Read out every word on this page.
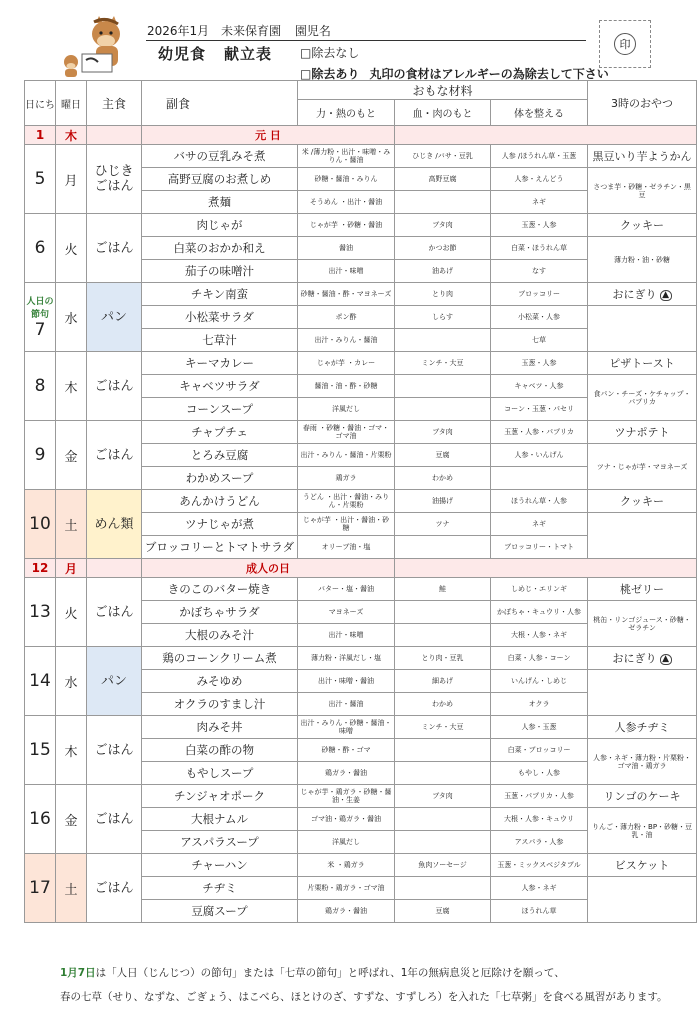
2026年1月 未来保育園 園児名
幼児食 献立表 □除去なし
□除去あり 丸印の食材はアレルギーの為除去して下さい
印
日にち	曜日	主食	副食	おもな材料			3時のおやつ
				力・熱のもと	血・肉のもと	体を整える	
1	木		元 日				

5	月	ひじき ごはん	バサの豆乳みそ煮	米 /薄力粉・出汁・味噌・みりん・醤油	ひじき /バサ・豆乳	人参 /ほうれん草・玉葱	黒豆いり芋ようかん
			高野豆腐のお煮しめ	砂糖・醤油・みりん	高野豆腐	人参・えんどう	さつま芋・砂糖・ゼラチン・黒豆
			煮麺	そうめん ・出汁・醤油		ネギ	

6	火	ごはん	肉じゃが	じゃが芋 ・砂糖・醤油	ブタ肉	玉葱・人参	クッキー
			白菜のおかか和え	醤油	かつお節	白菜・ほうれん草	薄力粉・油・砂糖
			茄子の味噌汁	出汁・味噌	油あげ	なす	

人日の節句
7	水	パン	チキン南蛮	砂糖・醤油・酢・マヨネーズ	とり肉	ブロッコリー	おにぎり ▲
			小松菜サラダ	ポン酢	しらす	小松菜・人参	
			七草汁	出汁・みりん・醤油		七草	

8	木	ごはん	キーマカレー	じゃが芋 ・カレー	ミンチ・大豆	玉葱・人参	ピザトースト
			キャベツサラダ	醤油・油・酢・砂糖		キャベツ・人参	食パン・チーズ・ケチャップ・パプリカ
			コーンスープ	洋風だし		コーン・玉葱・パセリ	

9	金	ごはん	チャプチェ	春雨 ・砂糖・醤油・ゴマ・ゴマ油	ブタ肉	玉葱・人参・パプリカ	ツナポテト
			とろみ豆腐	出汁・みりん・醤油・片栗粉	豆腐	人参・いんげん	ツナ・じゃが芋・マヨネーズ
			わかめスープ	鶏ガラ	わかめ		

10	土	めん類	あんかけうどん	うどん ・出汁・醤油・みりん・片栗粉	油揚げ	ほうれん草・人参	クッキー
			ツナじゃが煮	じゃが芋 ・出汁・醤油・砂糖	ツナ	ネギ	
			ブロッコリーとトマトサラダ	オリーブ油・塩		ブロッコリー・トマト	
12	月		成人の日				

13	火	ごはん	きのこのバター焼き	バター・塩・醤油	鮭	しめじ・エリンギ	桃ゼリー
			かぼちゃサラダ	マヨネーズ		かぼちゃ・キュウリ・人参	桃缶・リンゴジュース・砂糖・ゼラチン
			大根のみそ汁	出汁・味噌		大根・人参・ネギ	

14	水	パン	鶏のコーンクリーム煮	薄力粉・洋風だし・塩	とり肉・豆乳	白菜・人参・コーン	おにぎり ▲
			みそゆめ	出汁・味噌・醤油	細あげ	いんげん・しめじ	
			オクラのすまし汁	出汁・醤油	わかめ	オクラ	

15	木	ごはん	肉みそ丼	出汁・みりん・砂糖・醤油・味噌	ミンチ・大豆	人参・玉葱	人参チヂミ
			白菜の酢の物	砂糖・酢・ゴマ		白菜・ブロッコリー	人参・ネギ・薄力粉・片栗粉・ゴマ油・鶏ガラ
			もやしスープ	鶏ガラ・醤油		もやし・人参	

16	金	ごはん	チンジャオポーク	じゃが芋・鶏ガラ・砂糖・醤油・生姜	ブタ肉	玉葱・パプリカ・人参	リンゴのケーキ
			大根ナムル	ゴマ油・鶏ガラ・醤油		大根・人参・キュウリ	りんご・薄力粉・BP・砂糖・豆乳・油
			アスパラスープ	洋風だし		アスパラ・人参	

17	土	ごはん	チャーハン	米 ・鶏ガラ	魚肉ソーセージ	玉葱・ミックスベジタブル	ビスケット
			チヂミ	片栗粉・鶏ガラ・ゴマ油		人参・ネギ	
			豆腐スープ	鶏ガラ・醤油	豆腐	ほうれん草	
1月7日は「人日（じんじつ）の節句」または「七草の節句」と呼ばれ、1年の無病息災と厄除けを願って、
春の七草（せり、なずな、ごぎょう、はこべら、ほとけのざ、すずな、すずしろ）を入れた「七草粥」を食べる風習があります。
